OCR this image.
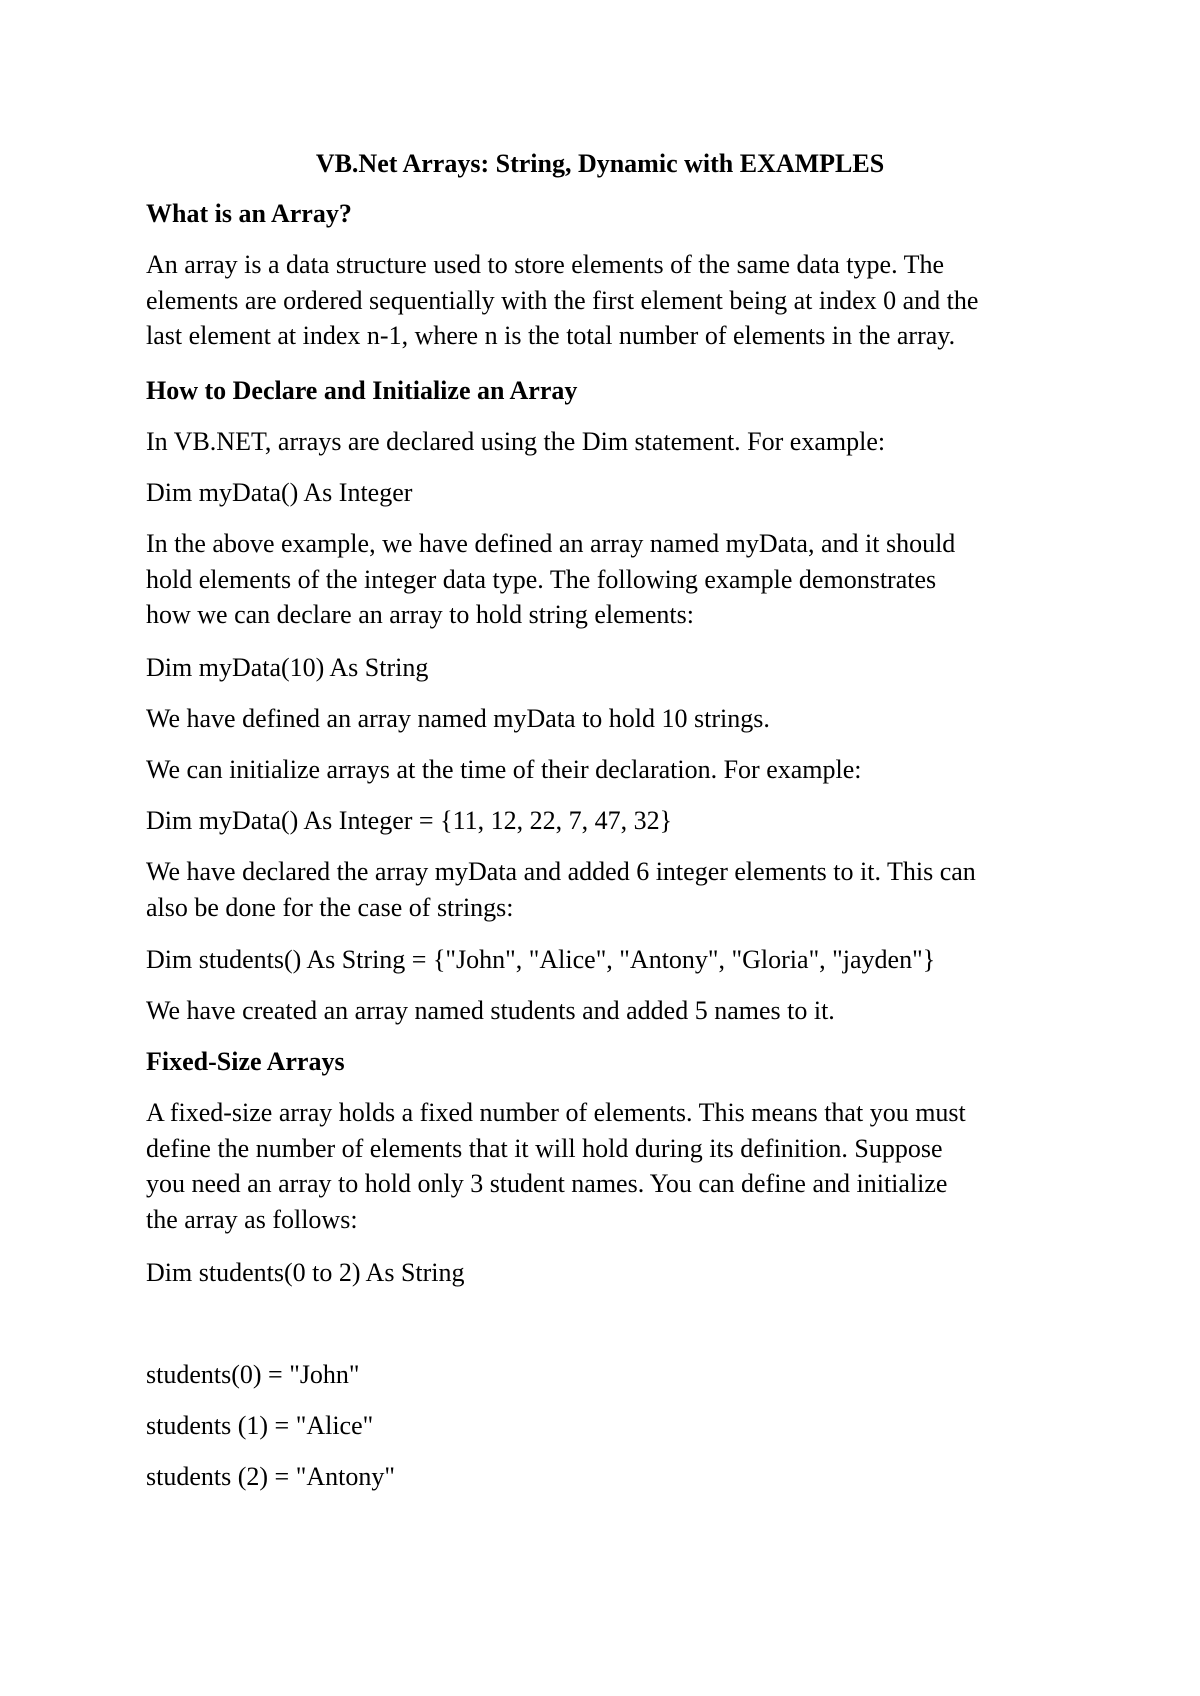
VB.Net Arrays: String, Dynamic with EXAMPLES

What is an Array?

An array is a data structure used to store elements of the same data type. The
elements are ordered sequentially with the first element being at index 0 and the
last element at index n-1, where n is the total number of elements in the array.

How to Declare and Initialize an Array

In VB.NET, arrays are declared using the Dim statement. For example:

Dim myData() As Integer

In the above example, we have defined an array named myData, and it should
hold elements of the integer data type. The following example demonstrates
how we can declare an array to hold string elements:

Dim myData(10) As String

We have defined an array named myData to hold 10 strings.

We can initialize arrays at the time of their declaration. For example:

Dim myData() As Integer = {11, 12, 22, 7, 47, 32}

We have declared the array myData and added 6 integer elements to it. This can
also be done for the case of strings:

Dim students() As String = {"John", "Alice", "Antony", "Gloria", "jayden"}

We have created an array named students and added 5 names to it.

Fixed-Size Arrays

A fixed-size array holds a fixed number of elements. This means that you must
define the number of elements that it will hold during its definition. Suppose
you need an array to hold only 3 student names. You can define and initialize
the array as follows:

Dim students(0 to 2) As String

students(0) = "John"

students (1) = "Alice"

students (2) = "Antony"
